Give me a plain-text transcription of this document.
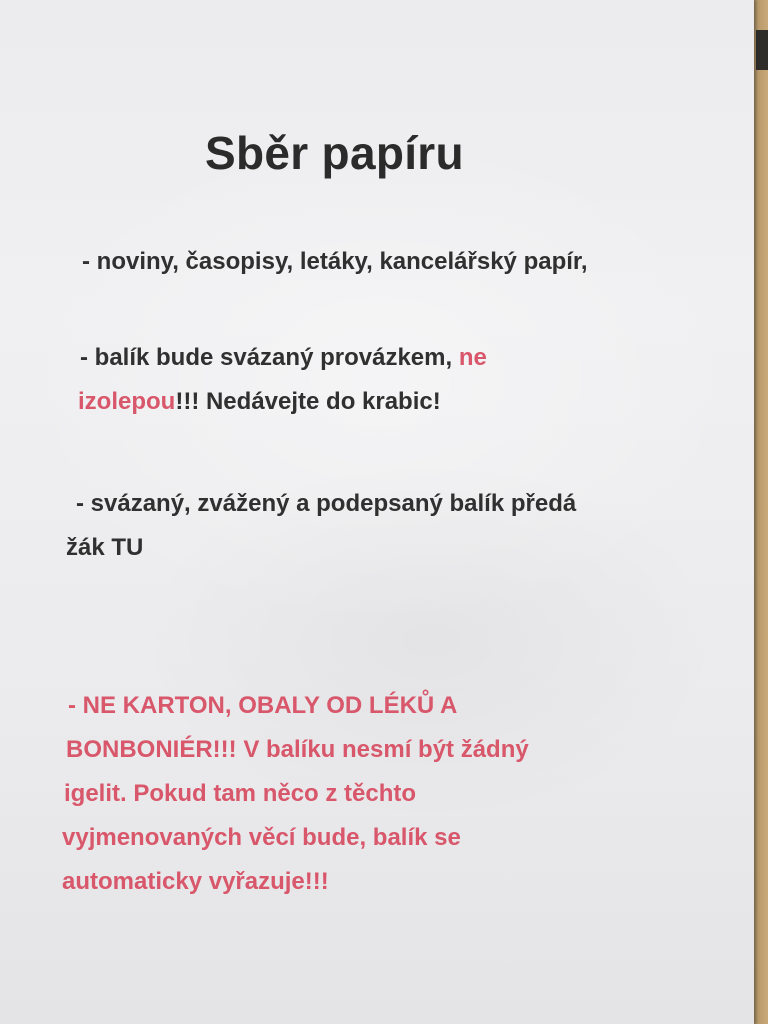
Sběr papíru

- noviny, časopisy, letáky, kancelářský papír,

- balík bude svázaný provázkem, ne

izolepou!!! Nedávejte do krabic!

- svázaný, zvážený a podepsaný balík předá

žák TU

- NE KARTON, OBALY OD LÉKŮ A

BONBONIÉR!!! V balíku nesmí být žádný

igelit. Pokud tam něco z těchto

vyjmenovaných věcí bude, balík se

automaticky vyřazuje!!!
